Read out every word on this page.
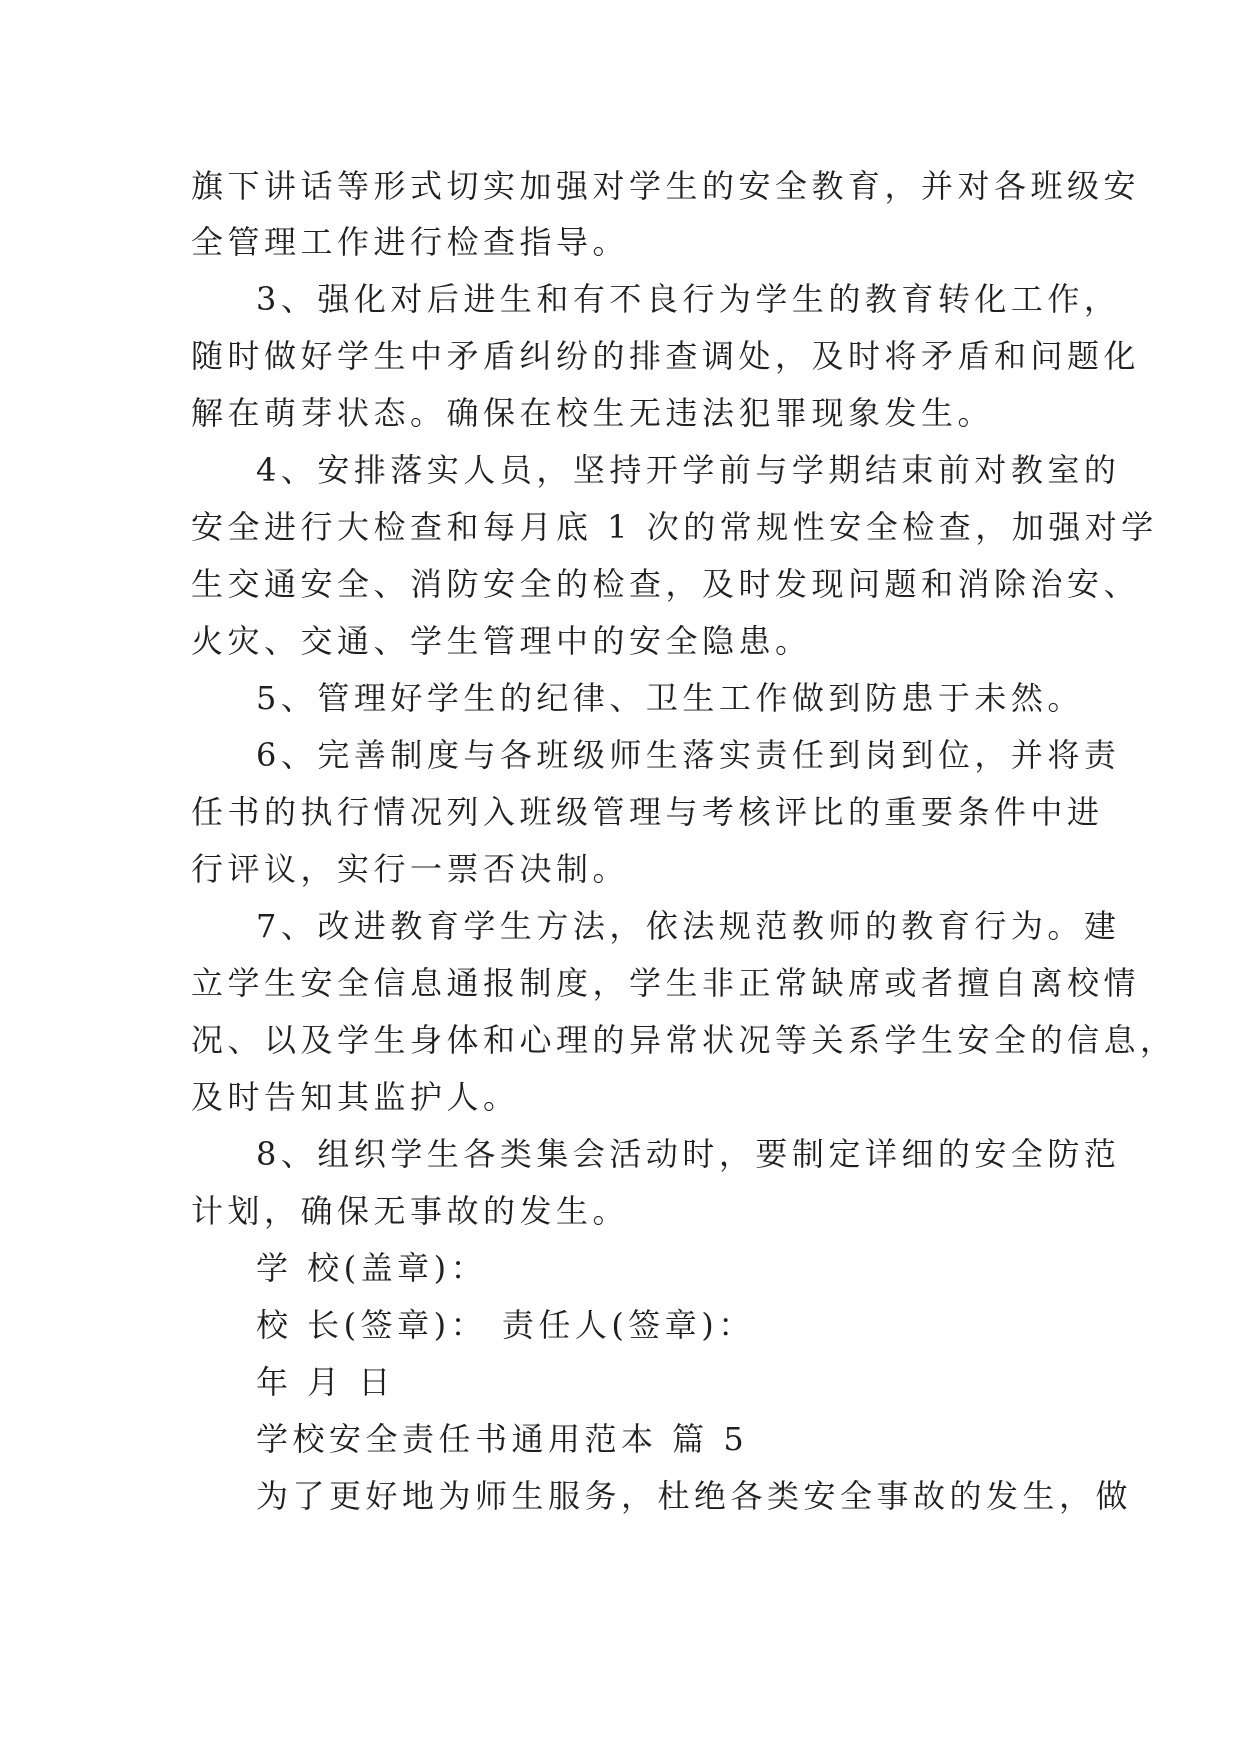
旗下讲话等形式切实加强对学生的安全教育，并对各班级安
全管理工作进行检查指导。
3、强化对后进生和有不良行为学生的教育转化工作，
随时做好学生中矛盾纠纷的排查调处，及时将矛盾和问题化
解在萌芽状态。确保在校生无违法犯罪现象发生。
4、安排落实人员，坚持开学前与学期结束前对教室的
安全进行大检查和每月底 1 次的常规性安全检查，加强对学
生交通安全、消防安全的检查，及时发现问题和消除治安、
火灾、交通、学生管理中的安全隐患。
5、管理好学生的纪律、卫生工作做到防患于未然。
6、完善制度与各班级师生落实责任到岗到位，并将责
任书的执行情况列入班级管理与考核评比的重要条件中进
行评议，实行一票否决制。
7、改进教育学生方法，依法规范教师的教育行为。建
立学生安全信息通报制度，学生非正常缺席或者擅自离校情
况、以及学生身体和心理的异常状况等关系学生安全的信息，
及时告知其监护人。
8、组织学生各类集会活动时，要制定详细的安全防范
计划，确保无事故的发生。
学 校(盖章)：
校 长(签章)： 责任人(签章)：
年 月 日
学校安全责任书通用范本 篇 5
为了更好地为师生服务，杜绝各类安全事故的发生，做
